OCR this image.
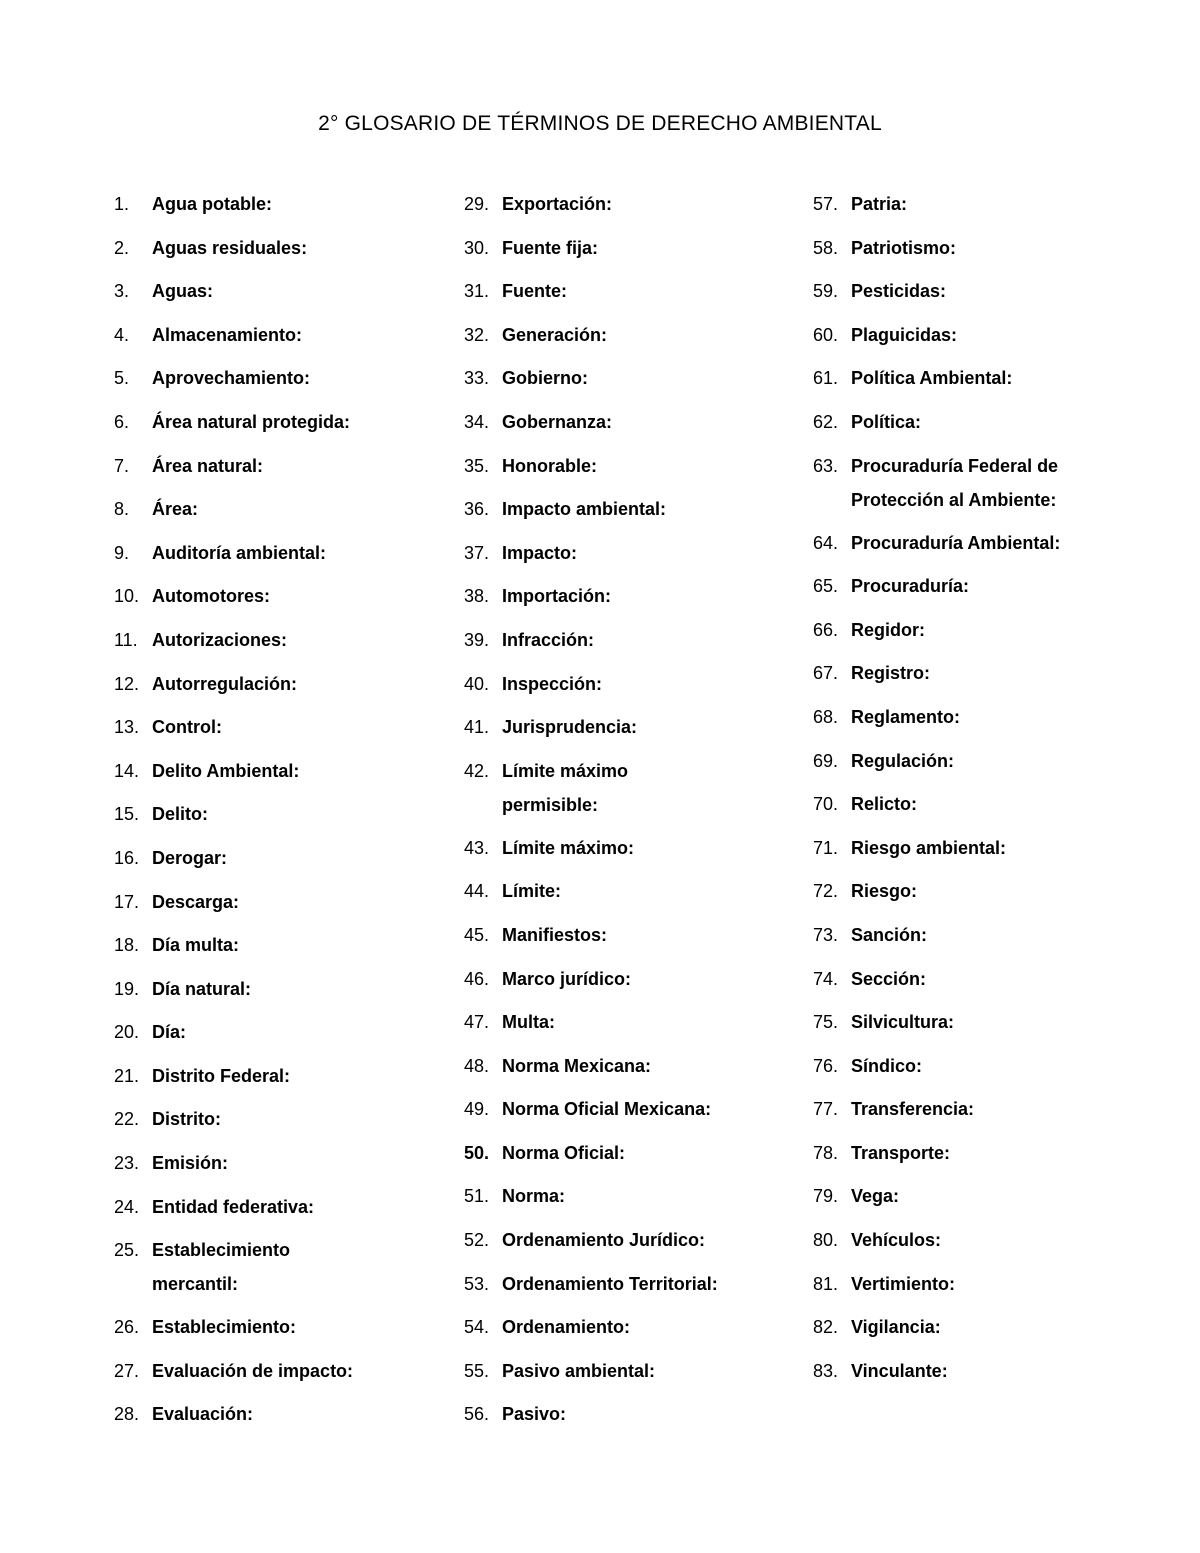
2° GLOSARIO DE TÉRMINOS DE DERECHO AMBIENTAL
1.	Agua potable:
2.	Aguas residuales:
3.	Aguas:
4.	Almacenamiento:
5.	Aprovechamiento:
6.	Área natural protegida:
7.	Área natural:
8.	Área:
9.	Auditoría ambiental:
10. Automotores:
11. Autorizaciones:
12. Autorregulación:
13. Control:
14. Delito Ambiental:
15. Delito:
16. Derogar:
17. Descarga:
18. Día multa:
19. Día natural:
20. Día:
21. Distrito Federal:
22. Distrito:
23. Emisión:
24. Entidad federativa:
25. Establecimiento mercantil:
26. Establecimiento:
27. Evaluación de impacto:
28. Evaluación:
29. Exportación:
30. Fuente fija:
31. Fuente:
32. Generación:
33. Gobierno:
34. Gobernanza:
35. Honorable:
36. Impacto ambiental:
37. Impacto:
38. Importación:
39. Infracción:
40. Inspección:
41. Jurisprudencia:
42. Límite máximo permisible:
43. Límite máximo:
44. Límite:
45. Manifiestos:
46. Marco jurídico:
47. Multa:
48. Norma Mexicana:
49. Norma Oficial Mexicana:
50. Norma Oficial:
51. Norma:
52. Ordenamiento Jurídico:
53. Ordenamiento Territorial:
54. Ordenamiento:
55. Pasivo ambiental:
56. Pasivo:
57. Patria:
58. Patriotismo:
59. Pesticidas:
60. Plaguicidas:
61. Política Ambiental:
62. Política:
63. Procuraduría Federal de Protección al Ambiente:
64. Procuraduría Ambiental:
65. Procuraduría:
66. Regidor:
67. Registro:
68. Reglamento:
69. Regulación:
70. Relicto:
71. Riesgo ambiental:
72. Riesgo:
73. Sanción:
74. Sección:
75. Silvicultura:
76. Síndico:
77. Transferencia:
78. Transporte:
79. Vega:
80. Vehículos:
81. Vertimiento:
82. Vigilancia:
83. Vinculante:
